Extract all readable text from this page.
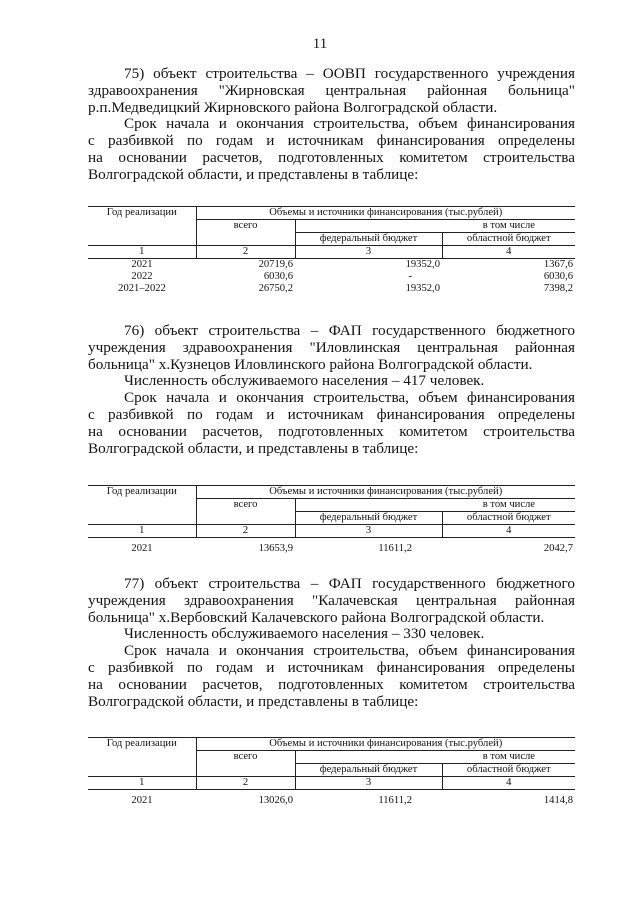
11

75) объект строительства – ООВП государственного учреждения

здравоохранения "Жирновская центральная районная больница"

р.п.Медведицкий Жирновского района Волгоградской области.

Срок начала и окончания строительства, объем финансирования

с разбивкой по годам и источникам финансирования определены

на основании расчетов, подготовленных комитетом строительства

Волгоградской области, и представлены в таблице:

Год реализации	Объемы и источники финансирования (тыс.рублей)		
	всего	в том числе	
		федеральный бюджет	областной бюджет
1	2	3	4
2021	20719,6	19352,0	1367,6
2022	6030,6	-	6030,6
2021–2022	26750,2	19352,0	7398,2

76) объект строительства – ФАП государственного бюджетного

учреждения здравоохранения "Иловлинская центральная районная

больница" х.Кузнецов Иловлинского района Волгоградской области.

Численность обслуживаемого населения – 417 человек.

Срок начала и окончания строительства, объем финансирования

с разбивкой по годам и источникам финансирования определены

на основании расчетов, подготовленных комитетом строительства

Волгоградской области, и представлены в таблице:

Год реализации	Объемы и источники финансирования (тыс.рублей)		
	всего	в том числе	
		федеральный бюджет	областной бюджет
1	2	3	4
2021	13653,9	11611,2	2042,7

77) объект строительства – ФАП государственного бюджетного

учреждения здравоохранения "Калачевская центральная районная

больница" х.Вербовский Калачевского района Волгоградской области.

Численность обслуживаемого населения – 330 человек.

Срок начала и окончания строительства, объем финансирования

с разбивкой по годам и источникам финансирования определены

на основании расчетов, подготовленных комитетом строительства

Волгоградской области, и представлены в таблице:

Год реализации	Объемы и источники финансирования (тыс.рублей)		
	всего	в том числе	
		федеральный бюджет	областной бюджет
1	2	3	4
2021	13026,0	11611,2	1414,8
